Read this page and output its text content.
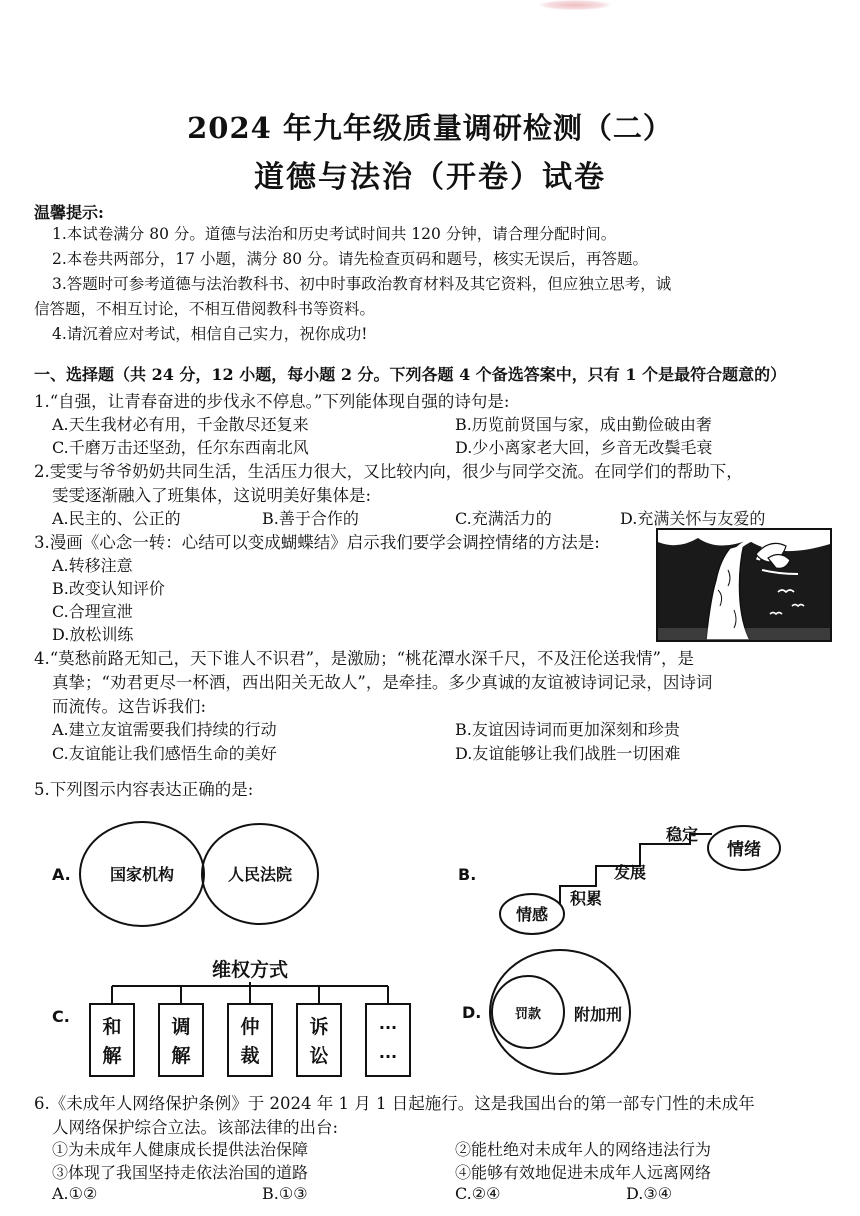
2024 年九年级质量调研检测（二）
道德与法治（开卷）试卷
温馨提示:
1.本试卷满分 80 分。道德与法治和历史考试时间共 120 分钟，请合理分配时间。
2.本卷共两部分，17 小题，满分 80 分。请先检查页码和题号，核实无误后，再答题。
3.答题时可参考道德与法治教科书、初中时事政治教育材料及其它资料，但应独立思考，诚
信答题，不相互讨论，不相互借阅教科书等资料。
4.请沉着应对考试，相信自己实力，祝你成功!
一、选择题（共 24 分，12 小题，每小题 2 分。下列各题 4 个备选答案中，只有 1 个是最符合题意的）
1.“自强，让青春奋进的步伐永不停息。”下列能体现自强的诗句是:
A.天生我材必有用，千金散尽还复来	B.历览前贤国与家，成由勤俭破由奢
C.千磨万击还坚劲，任尔东西南北风	D.少小离家老大回，乡音无改鬓毛衰
2.雯雯与爷爷奶奶共同生活，生活压力很大，又比较内向，很少与同学交流。在同学们的帮助下，
雯雯逐渐融入了班集体，这说明美好集体是:
A.民主的、公正的	B.善于合作的	C.充满活力的	D.充满关怀与友爱的
3.漫画《心念一转：心结可以变成蝴蝶结》启示我们要学会调控情绪的方法是:
A.转移注意
B.改变认知评价
C.合理宣泄
D.放松训练
4.“莫愁前路无知己，天下谁人不识君”，是激励；“桃花潭水深千尺，不及汪伦送我情”，是
真挚；“劝君更尽一杯酒，西出阳关无故人”，是牵挂。多少真诚的友谊被诗词记录，因诗词
而流传。这告诉我们:
A.建立友谊需要我们持续的行动	B.友谊因诗词而更加深刻和珍贵
C.友谊能让我们感悟生命的美好	D.友谊能够让我们战胜一切困难
5.下列图示内容表达正确的是:
A. 国家机构	人民法院	B.
情感
积累
发展
稳定
情绪
C.
维权方式
和
解
调
解
仲
裁
诉
讼
···
···
D.	罚款 附加刑
6.《未成年人网络保护条例》于 2024 年 1 月 1 日起施行。这是我国出台的第一部专门性的未成年
人网络保护综合立法。该部法律的出台:
①为未成年人健康成长提供法治保障	②能杜绝对未成年人的网络违法行为
③体现了我国坚持走依法治国的道路	④能够有效地促进未成年人远离网络
A.①②	B.①③	C.②④	D.③④
